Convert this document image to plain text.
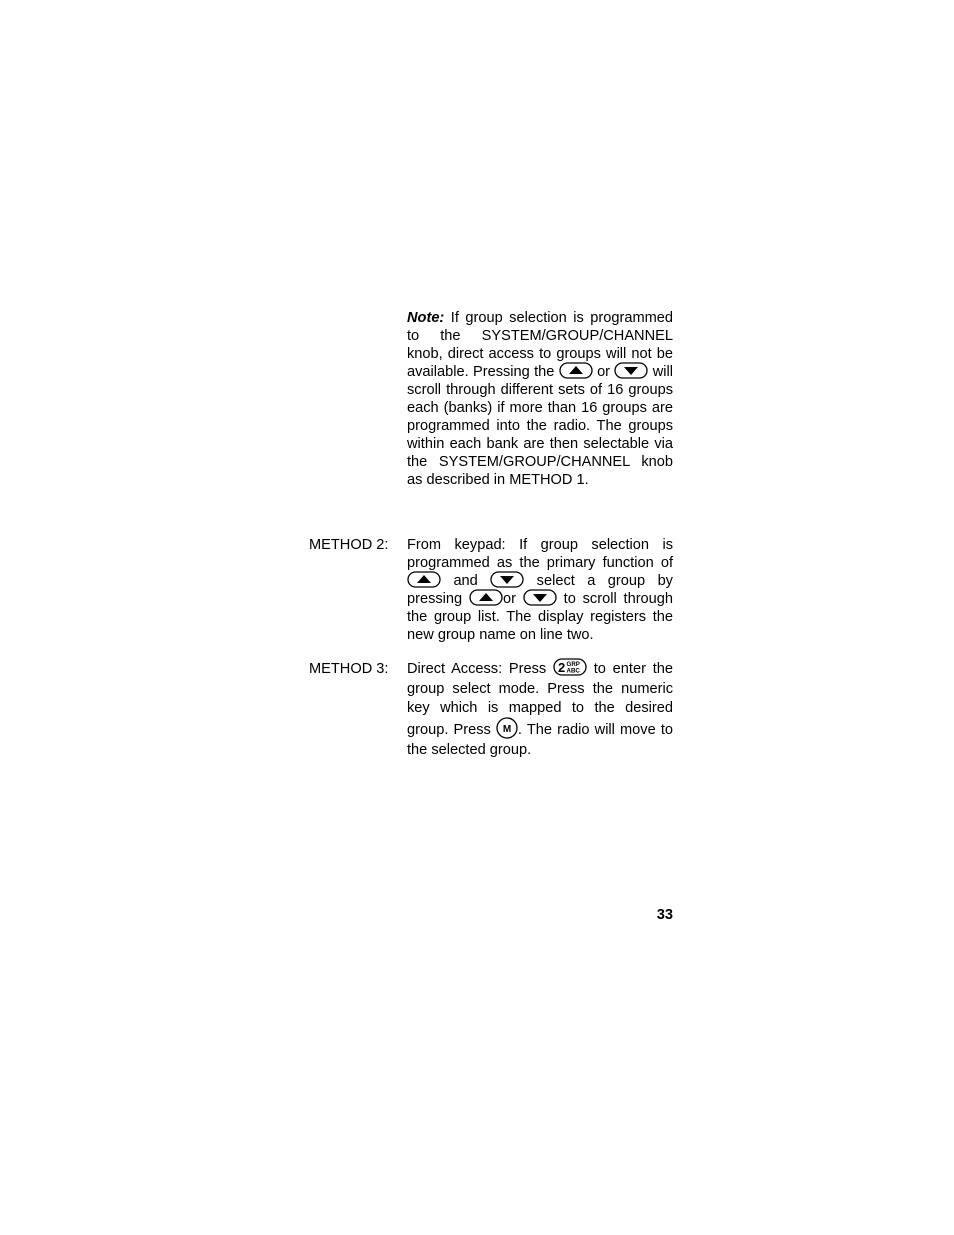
Note: If group selection is programmed to the SYSTEM/GROUP/CHANNEL knob, direct access to groups will not be available. Pressing the
or
will scroll through different sets of 16 groups each (banks) if more than 16 groups are programmed into the radio. The groups within each bank are then selectable via the SYSTEM/GROUP/CHANNEL knob as described in METHOD 1.
METHOD 2: From keypad: If group selection is programmed as the primary function of
and
select a group by pressing
or
to scroll through the group list. The display registers the new group name on line two.
METHOD 3: Direct Access: Press 2 GRP
ABC to enter the group select mode. Press the numeric key which is mapped to the desired group. Press M . The radio will move to the selected group.
33
